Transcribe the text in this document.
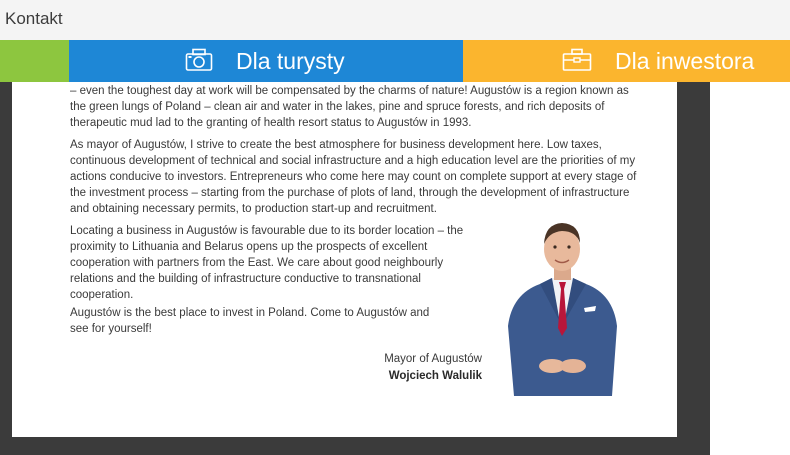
Kontakt
Dla turysty	Dla inwestora

– even the toughest day at work will be compensated by the charms of nature! Augustów is a region known as the green lungs of Poland – clean air and water in the lakes, pine and spruce forests, and rich deposits of therapeutic mud lad to the granting of health resort status to Augustów in 1993.

As mayor of Augustów, I strive to create the best atmosphere for business development here. Low taxes, continuous development of technical and social infrastructure and a high education level are the priorities of my actions conducive to investors. Entrepreneurs who come here may count on complete support at every stage of the investment process – starting from the purchase of plots of land, through the development of infrastructure and obtaining necessary permits, to production start-up and recruitment.

Locating a business in Augustów is favourable due to its border location – the proximity to Lithuania and Belarus opens up the prospects of excellent cooperation with partners from the East. We care about good neighbourly relations and the building of infrastructure conductive to transnational cooperation.

Augustów is the best place to invest in Poland. Come to Augustów and see for yourself!

Mayor of Augustów
Wojciech Walulik
